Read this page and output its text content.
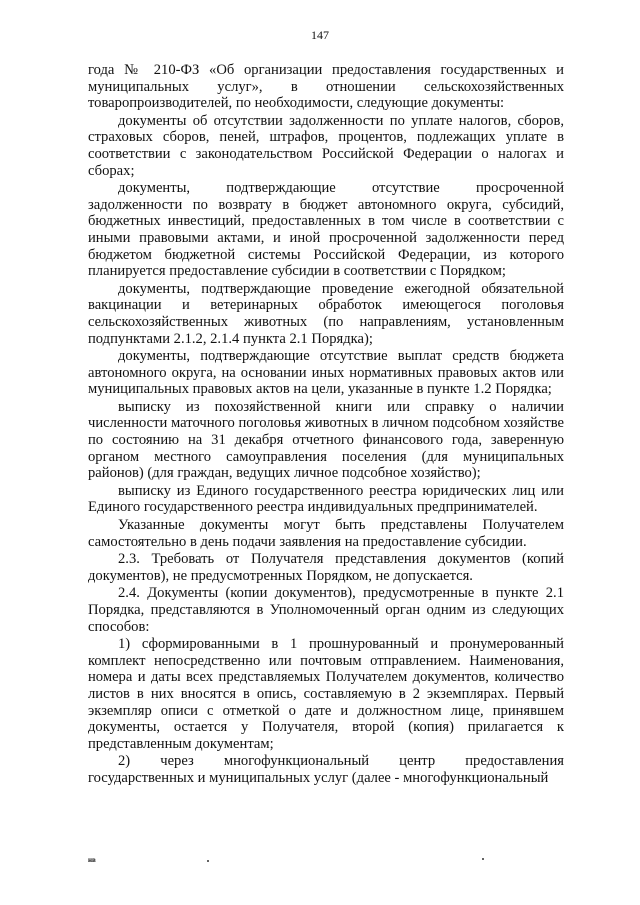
147

года № 210-ФЗ «Об организации предоставления государственных и муниципальных услуг», в отношении сельскохозяйственных товаропроизводителей, по необходимости, следующие документы:

документы об отсутствии задолженности по уплате налогов, сборов, страховых сборов, пеней, штрафов, процентов, подлежащих уплате в соответствии с законодательством Российской Федерации о налогах и сборах;

документы, подтверждающие отсутствие просроченной задолженности по возврату в бюджет автономного округа, субсидий, бюджетных инвестиций, предоставленных в том числе в соответствии с иными правовыми актами, и иной просроченной задолженности перед бюджетом бюджетной системы Российской Федерации, из которого планируется предоставление субсидии в соответствии с Порядком;

документы, подтверждающие проведение ежегодной обязательной вакцинации и ветеринарных обработок имеющегося поголовья сельскохозяйственных животных (по направлениям, установленным подпунктами 2.1.2, 2.1.4 пункта 2.1 Порядка);

документы, подтверждающие отсутствие выплат средств бюджета автономного округа, на основании иных нормативных правовых актов или муниципальных правовых актов на цели, указанные в пункте 1.2 Порядка;

выписку из похозяйственной книги или справку о наличии численности маточного поголовья животных в личном подсобном хозяйстве по состоянию на 31 декабря отчетного финансового года, заверенную органом местного самоуправления поселения (для муниципальных районов) (для граждан, ведущих личное подсобное хозяйство);

выписку из Единого государственного реестра юридических лиц или Единого государственного реестра индивидуальных предпринимателей.

Указанные документы могут быть представлены Получателем самостоятельно в день подачи заявления на предоставление субсидии.

2.3. Требовать от Получателя представления документов (копий документов), не предусмотренных Порядком, не допускается.

2.4. Документы (копии документов), предусмотренные в пункте 2.1 Порядка, представляются в Уполномоченный орган одним из следующих способов:

1) сформированными в 1 прошнурованный и пронумерованный комплект непосредственно или почтовым отправлением. Наименования, номера и даты всех представляемых Получателем документов, количество листов в них вносятся в опись, составляемую в 2 экземплярах. Первый экземпляр описи с отметкой о дате и должностном лице, принявшем документы, остается у Получателя, второй (копия) прилагается к представленным документам;

2) через многофункциональный центр предоставления государственных и муниципальных услуг (далее - многофункциональный

нв
